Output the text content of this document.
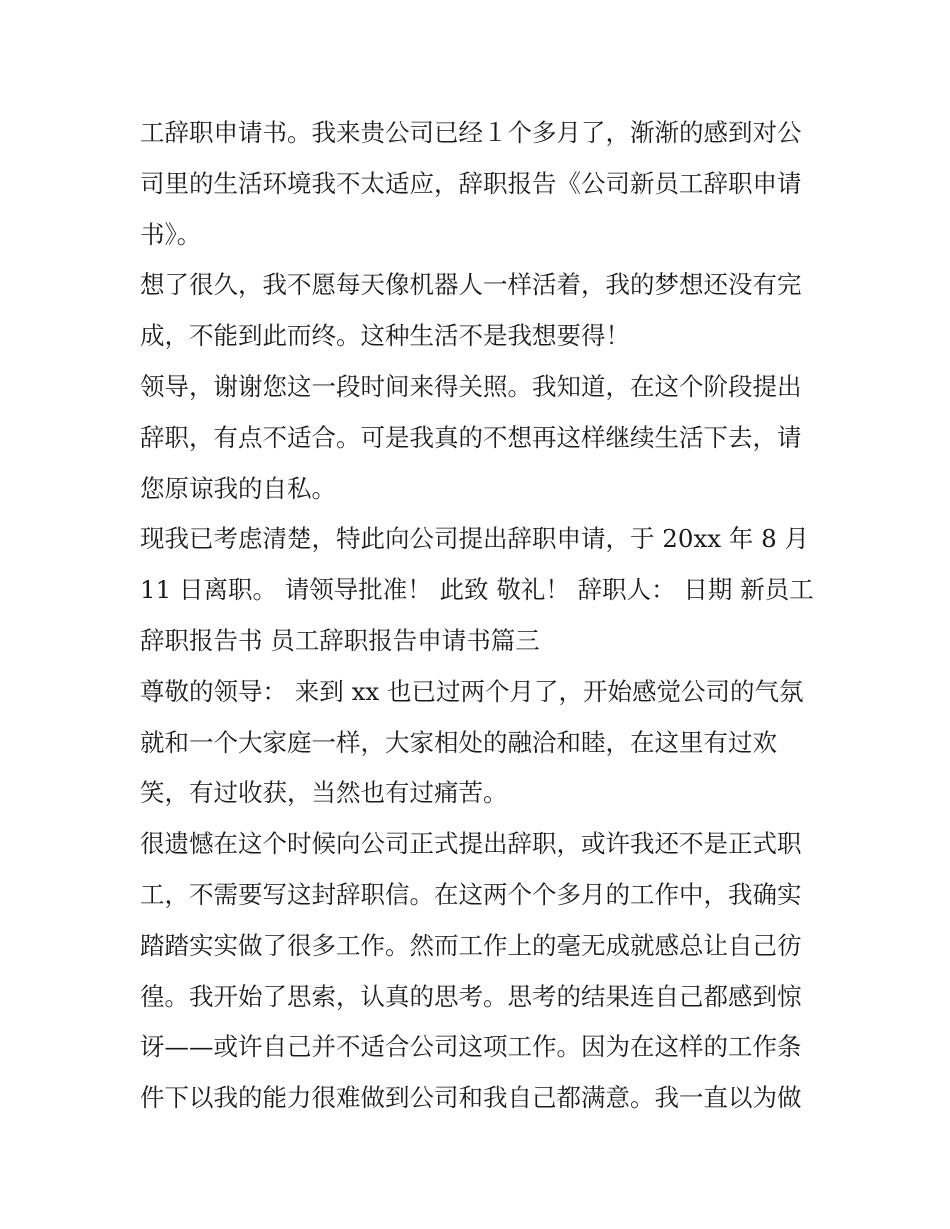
工辞职申请书。我来贵公司已经１个多月了，渐渐的感到对公
司里的生活环境我不太适应，辞职报告《公司新员工辞职申请
书》。
想了很久，我不愿每天像机器人一样活着，我的梦想还没有完
成，不能到此而终。这种生活不是我想要得！
领导，谢谢您这一段时间来得关照。我知道，在这个阶段提出
辞职，有点不适合。可是我真的不想再这样继续生活下去，请
您原谅我的自私。
现我已考虑清楚，特此向公司提出辞职申请，于 20xx 年 8 月
11 日离职。 请领导批准！ 此致 敬礼！ 辞职人： 日期 新员工
辞职报告书 员工辞职报告申请书篇三
尊敬的领导： 来到 xx 也已过两个月了，开始感觉公司的气氛
就和一个大家庭一样，大家相处的融洽和睦，在这里有过欢
笑，有过收获，当然也有过痛苦。
很遗憾在这个时候向公司正式提出辞职，或许我还不是正式职
工，不需要写这封辞职信。在这两个个多月的工作中，我确实
踏踏实实做了很多工作。然而工作上的毫无成就感总让自己彷
徨。我开始了思索，认真的思考。思考的结果连自己都感到惊
讶——或许自己并不适合公司这项工作。因为在这样的工作条
件下以我的能力很难做到公司和我自己都满意。我一直以为做
